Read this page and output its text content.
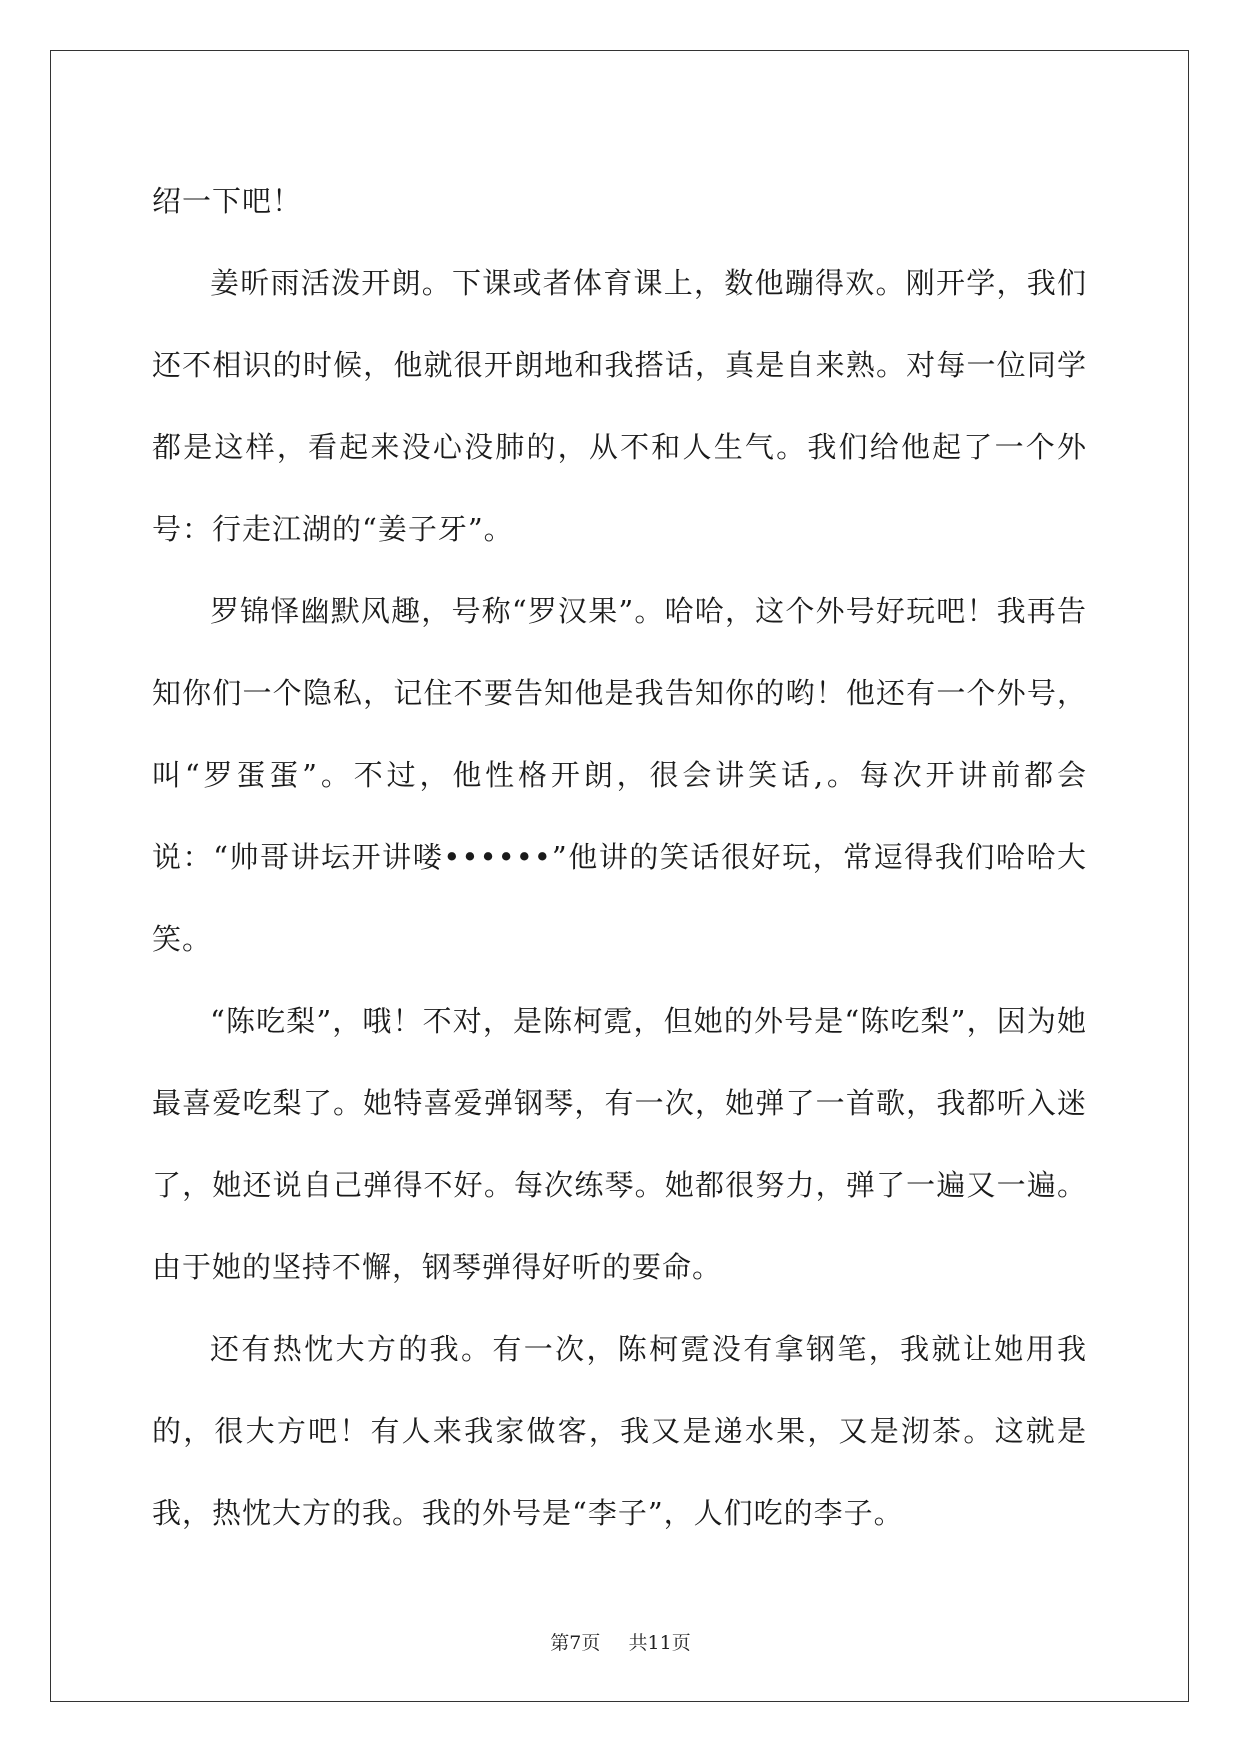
绍一下吧！

姜昕雨活泼开朗。下课或者体育课上，数他蹦得欢。刚开学，我们还不相识的时候，他就很开朗地和我搭话，真是自来熟。对每一位同学都是这样，看起来没心没肺的，从不和人生气。我们给他起了一个外号：行走江湖的“姜子牙”。

罗锦怿幽默风趣，号称“罗汉果”。哈哈，这个外号好玩吧！我再告知你们一个隐私，记住不要告知他是我告知你的哟！他还有一个外号，叫“罗蛋蛋”。不过，他性格开朗，很会讲笑话,。每次开讲前都会说：“帅哥讲坛开讲喽••••••”他讲的笑话很好玩，常逗得我们哈哈大笑。

“陈吃梨”，哦！不对，是陈柯霓，但她的外号是“陈吃梨”，因为她最喜爱吃梨了。她特喜爱弹钢琴，有一次，她弹了一首歌，我都听入迷了，她还说自己弹得不好。每次练琴。她都很努力，弹了一遍又一遍。由于她的坚持不懈，钢琴弹得好听的要命。

还有热忱大方的我。有一次，陈柯霓没有拿钢笔，我就让她用我的，很大方吧！有人来我家做客，我又是递水果，又是沏茶。这就是我，热忱大方的我。我的外号是“李子”，人们吃的李子。

第7页 共11页
